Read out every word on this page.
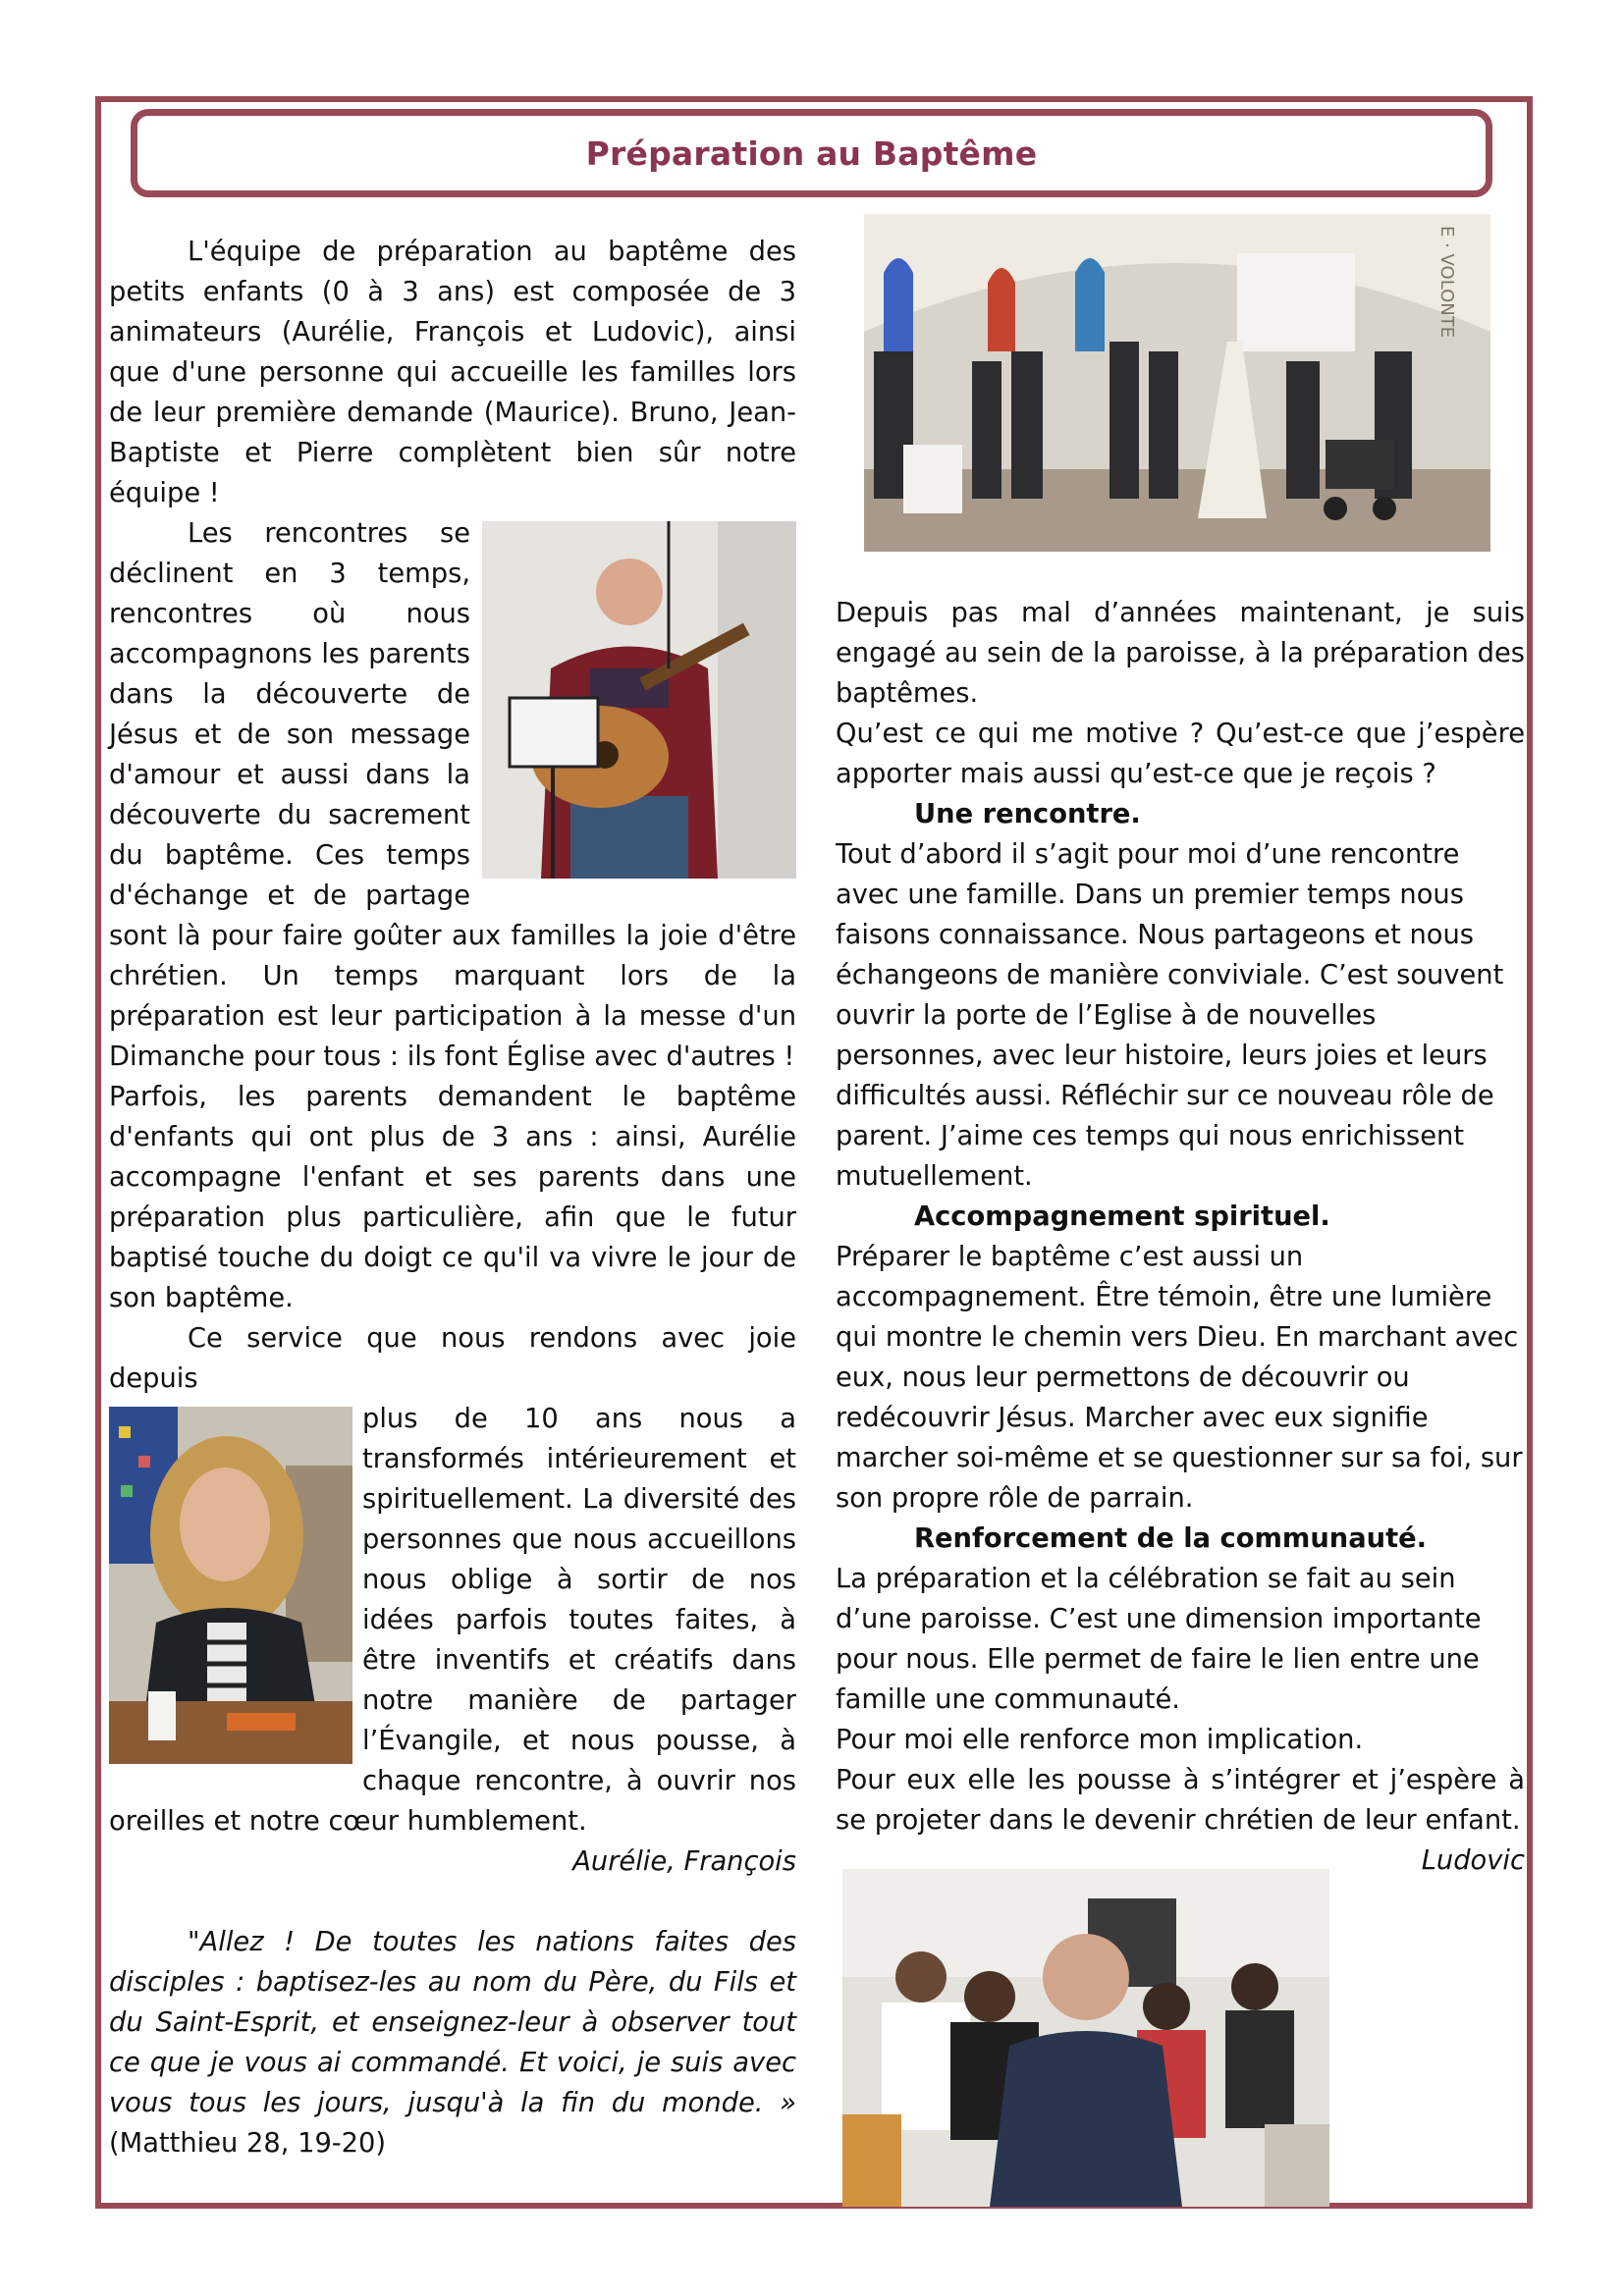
Préparation au Baptême

L'équipe de préparation au baptême des petits enfants (0 à 3 ans) est composée de 3 animateurs (Aurélie, François et Ludovic), ainsi que d'une personne qui accueille les familles lors de leur première demande (Maurice). Bruno, Jean-Baptiste et Pierre complètent bien sûr notre équipe !

Les rencontres se déclinent en 3 temps, rencontres où nous accompagnons les parents dans la découverte de Jésus et de son message d'amour et aussi dans la découverte du sacrement du baptême. Ces temps d'échange et de partage sont là pour faire goûter aux familles la joie d'être chrétien. Un temps marquant lors de la préparation est leur participation à la messe d'un Dimanche pour tous : ils font Église avec d'autres !

Parfois, les parents demandent le baptême d'enfants qui ont plus de 3 ans : ainsi, Aurélie accompagne l'enfant et ses parents dans une préparation plus particulière, afin que le futur baptisé touche du doigt ce qu'il va vivre le jour de son baptême.

Ce service que nous rendons avec joie depuis

plus de 10 ans nous a transformés intérieurement et spirituellement. La diversité des personnes que nous accueillons nous oblige à sortir de nos idées parfois toutes faites, à être inventifs et créatifs dans notre manière de partager l’Évangile, et nous pousse, à chaque rencontre, à ouvrir nos oreilles et notre cœur humblement.

Aurélie, François

"Allez ! De toutes les nations faites des disciples : baptisez-les au nom du Père, du Fils et du Saint-Esprit, et enseignez-leur à observer tout ce que je vous ai commandé. Et voici, je suis avec vous tous les jours, jusqu'à la fin du monde. » (Matthieu 28, 19-20)

E · VOLONTE

Depuis pas mal d’années maintenant, je suis engagé au sein de la paroisse, à la préparation des baptêmes.

Qu’est ce qui me motive ? Qu’est-ce que j’espère apporter mais aussi qu’est-ce que je reçois ?

Une rencontre.

Tout d’abord il s’agit pour moi d’une rencontre avec une famille. Dans un premier temps nous faisons connaissance. Nous partageons et nous échangeons de manière conviviale. C’est souvent ouvrir la porte de l’Eglise à de nouvelles personnes, avec leur histoire, leurs joies et leurs difficultés aussi. Réfléchir sur ce nouveau rôle de parent. J’aime ces temps qui nous enrichissent mutuellement.

Accompagnement spirituel.

Préparer le baptême c’est aussi un accompagnement. Être témoin, être une lumière qui montre le chemin vers Dieu. En marchant avec eux, nous leur permettons de découvrir ou redécouvrir Jésus. Marcher avec eux signifie marcher soi-même et se questionner sur sa foi, sur son propre rôle de parrain.

Renforcement de la communauté.

La préparation et la célébration se fait au sein d’une paroisse. C’est une dimension importante pour nous. Elle permet de faire le lien entre une famille une communauté.

Pour moi elle renforce mon implication.

Pour eux elle les pousse à s’intégrer et j’espère à se projeter dans le devenir chrétien de leur enfant.

Ludovic
